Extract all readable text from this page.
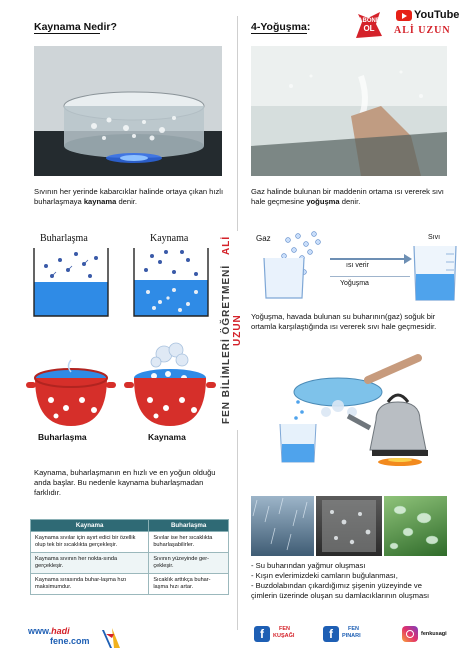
Kaynama Nedir?
Sıvının her yerinde kabarcıklar halinde ortaya çıkan hızlı buharlaşmaya kaynama denir.
Buharlaşma	Kaynama
Buharlaşma	Kaynama
Kaynama, buharlaşmanın en hızlı ve en yoğun olduğu anda başlar. Bu nedenle kaynama buharlaşmadan farklıdır.
Kaynama	Buharlaşma
Kaynama sıvılar için ayırt edici bir özellik olup tek bir sıcaklıkta gerçekleşir.	Sıvılar ise her sıcaklıkta buharlaşabilirler.
Kaynama sıvının her nokta-sında gerçekleşir.	Sıvının yüzeyinde ger-çekleşir.
Kaynama sırasında buhar-laşma hızı maksimumdur.	Sıcaklık arttıkça buhar-laşma hızı artar.
www.hadi
fene.com
FEN BİLİMLERİ ÖĞRETMENİ ALİ UZUN
4-Yoğuşma:	ABONE
OL
YouTube
ALİ UZUN
Gaz halinde bulunan bir maddenin ortama ısı vererek sıvı hale geçmesine yoğuşma denir.
Gaz	Sıvı
ısı verir
Yoğuşma
Yoğuşma, havada bulunan su buharının(gaz) soğuk bir ortamla karşılaştığında ısı vererek sıvı hale geçmesidir.
- Su buharından yağmur oluşması
- Kışın evlerimizdeki camların buğulanması,
- Buzdolabından çıkardığımız şişenin yüzeyinde ve çimlerin üzerinde oluşan su damlacıklarının oluşması
f	FEN
KUŞAĞI	f	FEN
PINARI	fenkusagi
